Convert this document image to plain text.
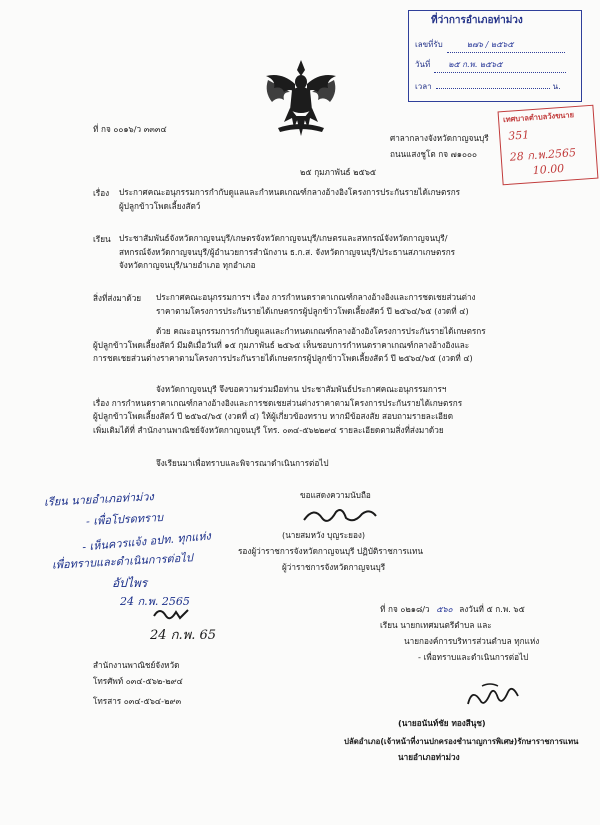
ที่ว่าการอำเภอท่าม่วง
เลขที่รับ	๒๗๖ / ๒๕๖๕
วันที่ ๒๕ ก.พ. ๒๕๖๕
เวลา	น.
เทศบาลตำบลวังขนาย
351
28 ก.พ.2565
10.00
ที่ กจ ๐๐๑๖/ว ๓๓๓๔
ศาลากลางจังหวัดกาญจนบุรี
ถนนแสงชูโต กจ ๗๑๐๐๐
๒๕ กุมภาพันธ์ ๒๕๖๕
เรื่อง ประกาศคณะอนุกรรมการกำกับดูแลและกำหนดเกณฑ์กลางอ้างอิงโครงการประกันรายได้เกษตรกร
ผู้ปลูกข้าวโพดเลี้ยงสัตว์
เรียน ประชาสัมพันธ์จังหวัดกาญจนบุรี/เกษตรจังหวัดกาญจนบุรี/เกษตรและสหกรณ์จังหวัดกาญจนบุรี/
สหกรณ์จังหวัดกาญจนบุรี/ผู้อำนวยการสำนักงาน ธ.ก.ส. จังหวัดกาญจนบุรี/ประธานสภาเกษตรกร
จังหวัดกาญจนบุรี/นายอำเภอ ทุกอำเภอ
สิ่งที่ส่งมาด้วย ประกาศคณะอนุกรรมการฯ เรื่อง การกำหนดราคาเกณฑ์กลางอ้างอิงและการชดเชยส่วนต่าง
ราคาตามโครงการประกันรายได้เกษตรกรผู้ปลูกข้าวโพดเลี้ยงสัตว์ ปี ๒๕๖๔/๖๕ (งวดที่ ๔)
ด้วย คณะอนุกรรมการกำกับดูแลและกำหนดเกณฑ์กลางอ้างอิงโครงการประกันรายได้เกษตรกร
ผู้ปลูกข้าวโพดเลี้ยงสัตว์ มีมติเมื่อวันที่ ๑๕ กุมภาพันธ์ ๒๕๖๕ เห็นชอบการกำหนดราคาเกณฑ์กลางอ้างอิงและ
การชดเชยส่วนต่างราคาตามโครงการประกันรายได้เกษตรกรผู้ปลูกข้าวโพดเลี้ยงสัตว์ ปี ๒๕๖๔/๖๕ (งวดที่ ๔)
จังหวัดกาญจนบุรี จึงขอความร่วมมือท่าน ประชาสัมพันธ์ประกาศคณะอนุกรรมการฯ
เรื่อง การกำหนดราคาเกณฑ์กลางอ้างอิงและการชดเชยส่วนต่างราคาตามโครงการประกันรายได้เกษตรกร
ผู้ปลูกข้าวโพดเลี้ยงสัตว์ ปี ๒๕๖๔/๖๕ (งวดที่ ๔) ให้ผู้เกี่ยวข้องทราบ หากมีข้อสงสัย สอบถามรายละเอียด
เพิ่มเติมได้ที่ สำนักงานพาณิชย์จังหวัดกาญจนบุรี โทร. ๐๓๔-๕๖๒๒๙๔ รายละเอียดตามสิ่งที่ส่งมาด้วย
จึงเรียนมาเพื่อทราบและพิจารณาดำเนินการต่อไป
ขอแสดงความนับถือ
(นายสมหวัง บุญระยอง)
รองผู้ว่าราชการจังหวัดกาญจนบุรี ปฏิบัติราชการแทน
ผู้ว่าราชการจังหวัดกาญจนบุรี
เรียน นายอำเภอท่าม่วง
- เพื่อโปรดทราบ
- เห็นควรแจ้ง อปท. ทุกแห่ง
เพื่อทราบและดำเนินการต่อไป
อัปไพร
24 ก.พ. 2565
24 ก.พ. 65
สำนักงานพาณิชย์จังหวัด
โทรศัพท์ ๐๓๔-๕๖๒-๒๙๔
โทรสาร ๐๓๔-๕๖๔-๒๙๓
ที่ กจ ๐๒๑๘/ว ๕๖๐ ลงวันที่ ๕ ก.พ. ๖๕
เรียน นายกเทศมนตรีตำบล และ
นายกองค์การบริหารส่วนตำบล ทุกแห่ง
- เพื่อทราบและดำเนินการต่อไป
(นายอนันท์ชัย ทองสีนุช)
ปลัดอำเภอ(เจ้าหน้าที่งานปกครองชำนาญการพิเศษ)รักษาราชการแทน
นายอำเภอท่าม่วง
